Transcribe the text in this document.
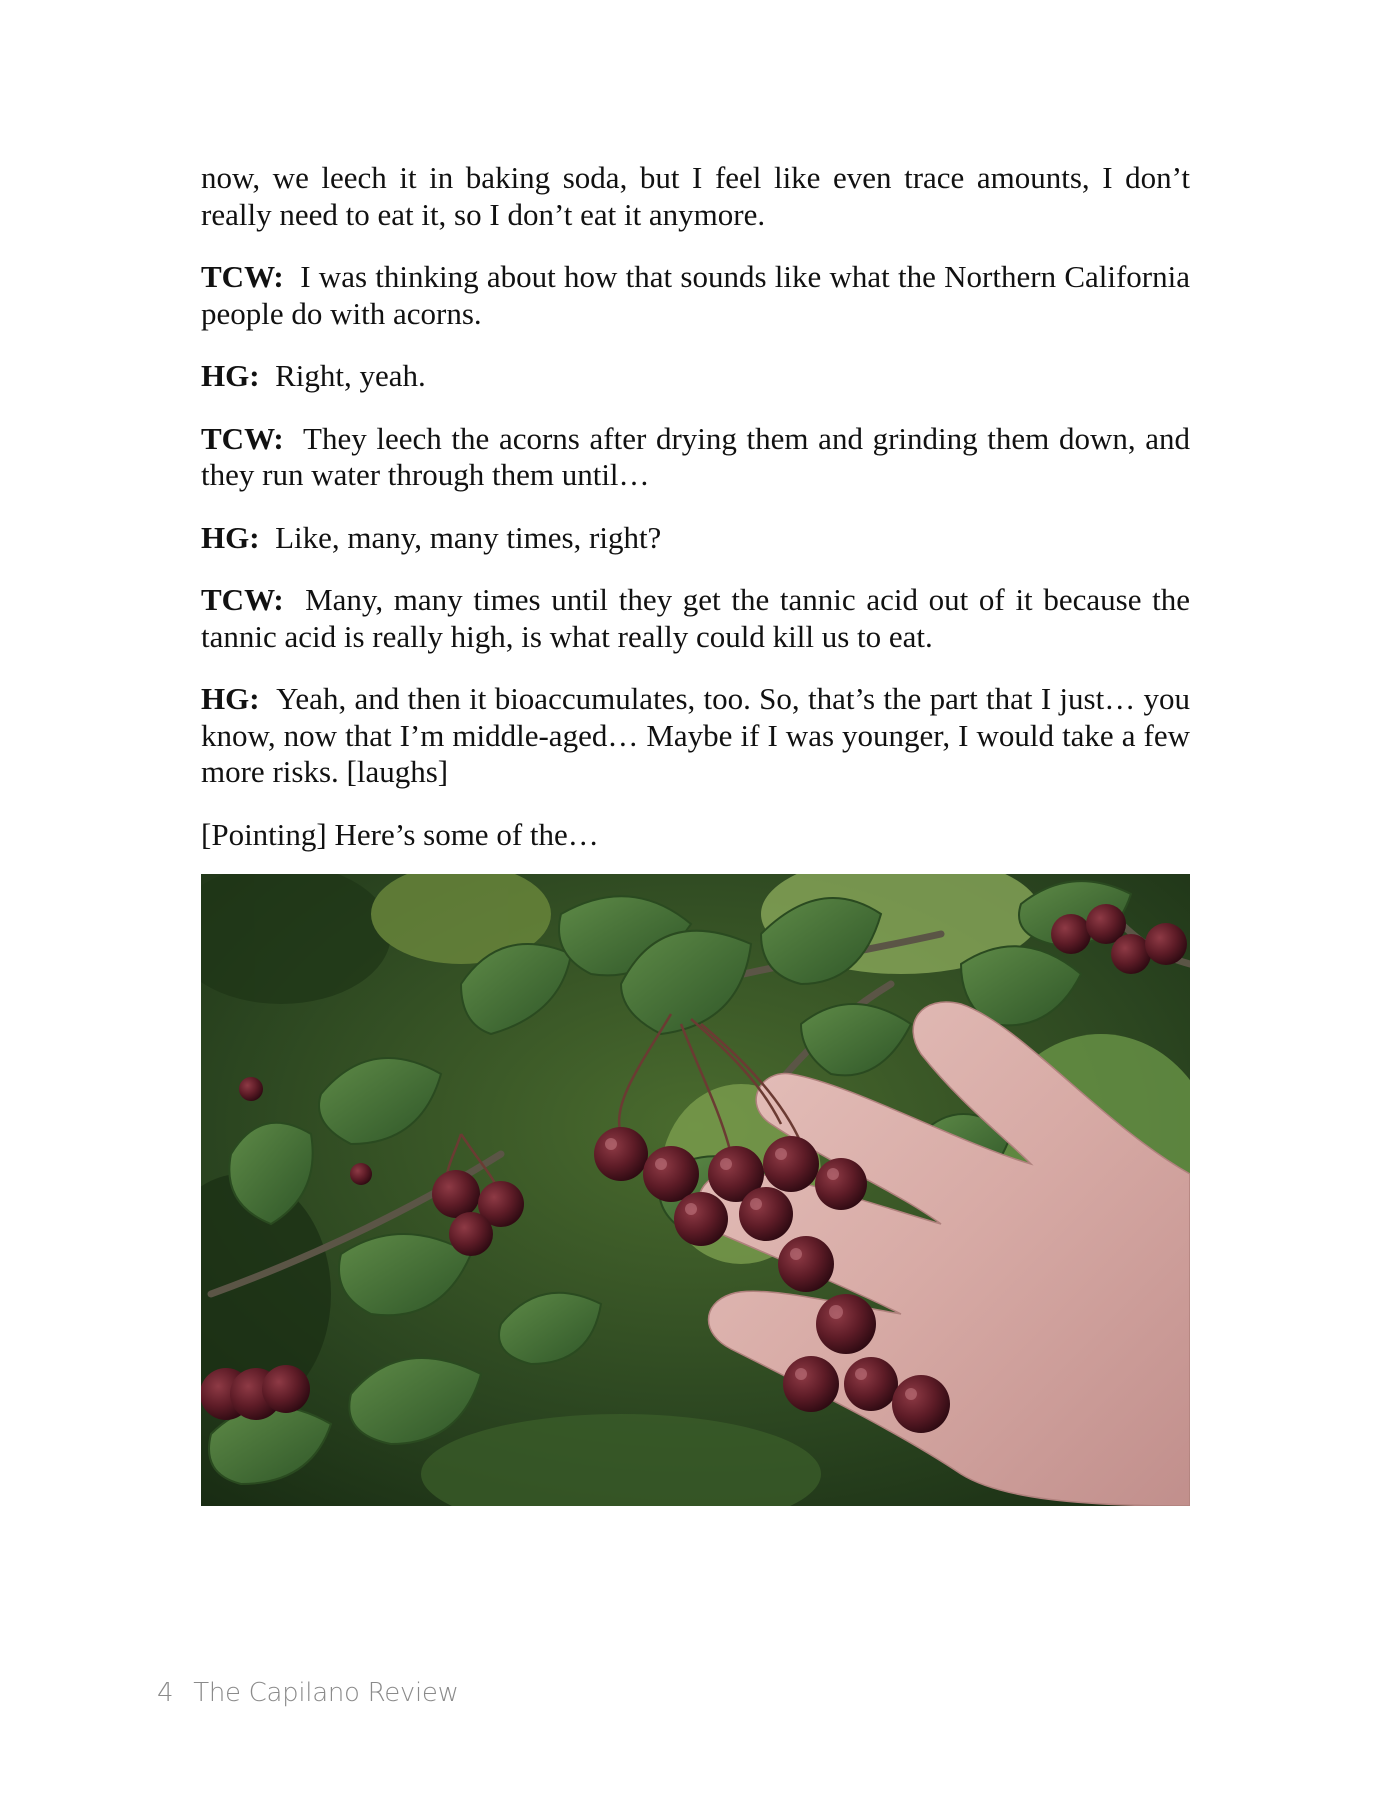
now, we leech it in baking soda, but I feel like even trace amounts, I don’t really need to eat it, so I don’t eat it anymore.

TCW: I was thinking about how that sounds like what the Northern California people do with acorns.

HG: Right, yeah.

TCW: They leech the acorns after drying them and grinding them down, and they run water through them until…

HG: Like, many, many times, right?

TCW: Many, many times until they get the tannic acid out of it because the tannic acid is really high, is what really could kill us to eat.

HG: Yeah, and then it bioaccumulates, too. So, that’s the part that I just… you know, now that I’m middle-aged… Maybe if I was younger, I would take a few more risks. [laughs]

[Pointing] Here’s some of the…

4 The Capilano Review
